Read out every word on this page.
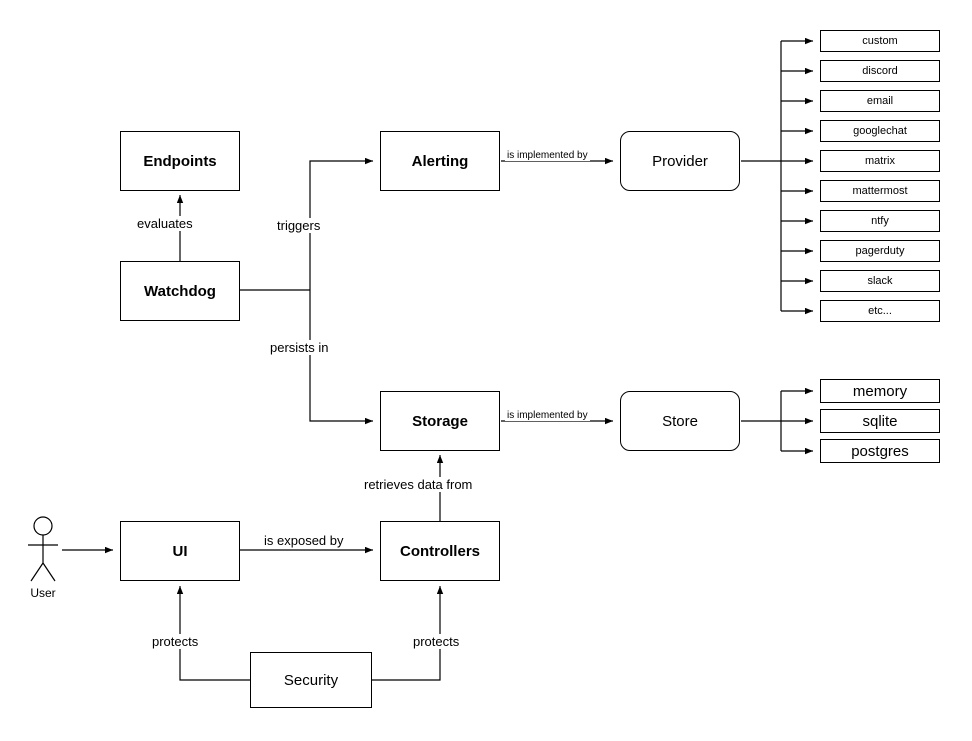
User
Endpoints
Watchdog
Alerting	Provider
Storage	Store
UI	Controllers
Security
custom
discord
email
googlechat
matrix
mattermost
ntfy
pagerduty
slack
etc...
memory
sqlite
postgres
evaluates	triggers
persists in
is implemented by
is implemented by
retrieves data from
is exposed by
protects	protects
